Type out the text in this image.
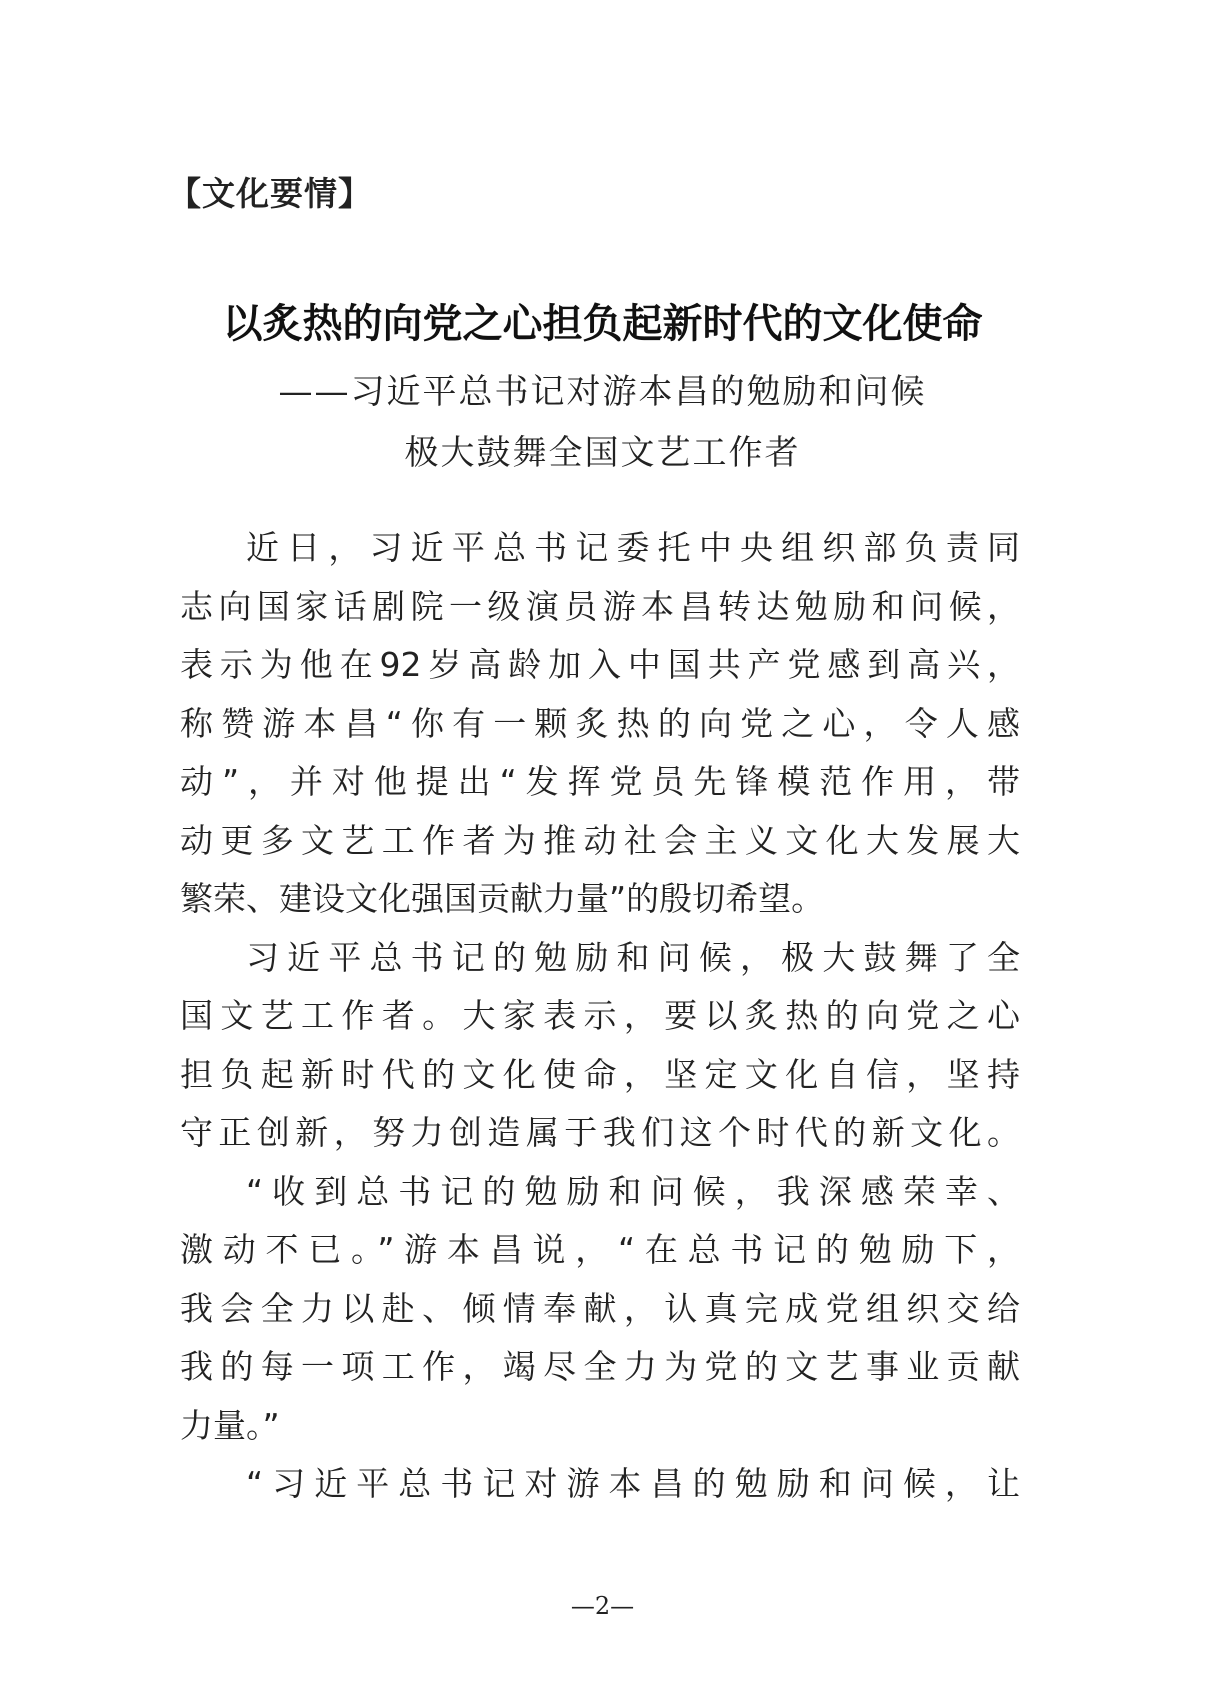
【文化要情】
以炙热的向党之心担负起新时代的文化使命
——习近平总书记对游本昌的勉励和问候
极大鼓舞全国文艺工作者
近日，习近平总书记委托中央组织部负责同
志向国家话剧院一级演员游本昌转达勉励和问候，
表示为他在92岁高龄加入中国共产党感到高兴，
称赞游本昌“你有一颗炙热的向党之心，令人感
动”，并对他提出“发挥党员先锋模范作用，带
动更多文艺工作者为推动社会主义文化大发展大
繁荣、建设文化强国贡献力量”的殷切希望。
习近平总书记的勉励和问候，极大鼓舞了全
国文艺工作者。大家表示，要以炙热的向党之心
担负起新时代的文化使命，坚定文化自信，坚持
守正创新，努力创造属于我们这个时代的新文化。
“收到总书记的勉励和问候，我深感荣幸、
激动不已。”游本昌说，“在总书记的勉励下，
我会全力以赴、倾情奉献，认真完成党组织交给
我的每一项工作，竭尽全力为党的文艺事业贡献
力量。”
“习近平总书记对游本昌的勉励和问候，让
—2—
